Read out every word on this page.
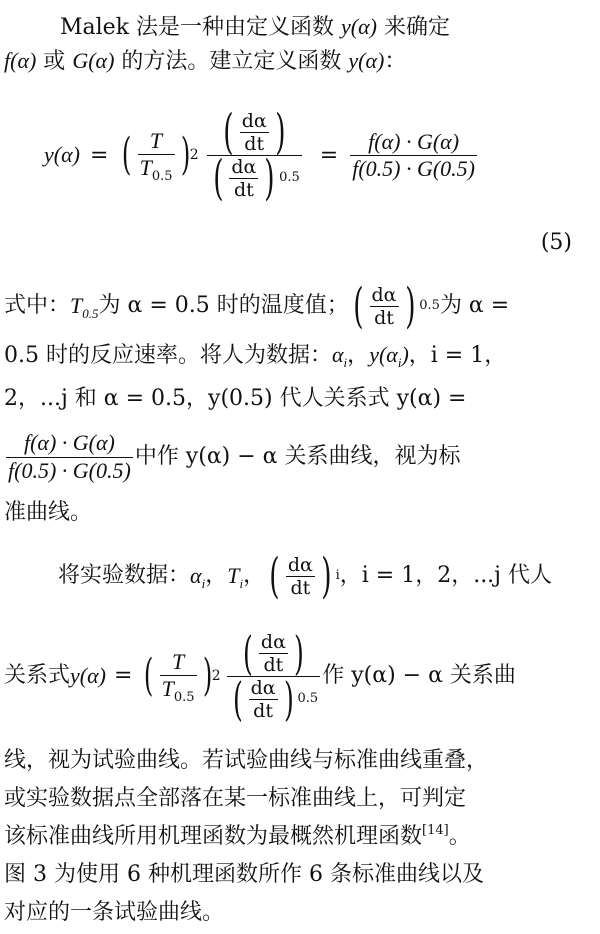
Malek 法是一种由定义函数 y(α) 来确定
f(α) 或 G(α) 的方法。建立定义函数 y(α)：
y(α) = ( $\frac{T}{T_{0.5}}$ ) $2 \frac{( \frac{d\alpha}{dt} )}{( \frac{d\alpha}{dt} ) 0.5} = \frac{f(\alpha) \cdot G(\alpha)}{f(0.5) \cdot G(0.5)}$
(5)
式中： $T_{0.5}$ 为 α = 0.5 时的温度值； ( $\frac{d\alpha}{dt}$ ) 0.5 为 α =
0.5 时的反应速率。将人为数据：$\alpha_i$，$y(\alpha_i)$，i = 1，
2，...j 和 α = 0.5，y(0.5) 代人关系式 y(α) =
$\frac{f(\alpha) \cdot G(\alpha)}{f(0.5) \cdot G(0.5)}$ 中作 y(α) − α 关系曲线，视为标
准曲线。
将实验数据： $\alpha_i$ ， $T_i$ ， ( $\frac{d\alpha}{dt}$ ) i ，i = 1，2，...j 代人
关系式 y(α) = ( $\frac{T}{T_{0.5}}$ ) $2 \frac{( \frac{d\alpha}{dt} )}{( \frac{d\alpha}{dt} ) 0.5}$ 作 y(α) − α 关系曲
线，视为试验曲线。若试验曲线与标准曲线重叠，
或实验数据点全部落在某一标准曲线上，可判定
该标准曲线所用机理函数为最概然机理函数[14]。
图 3 为使用 6 种机理函数所作 6 条标准曲线以及
对应的一条试验曲线。
